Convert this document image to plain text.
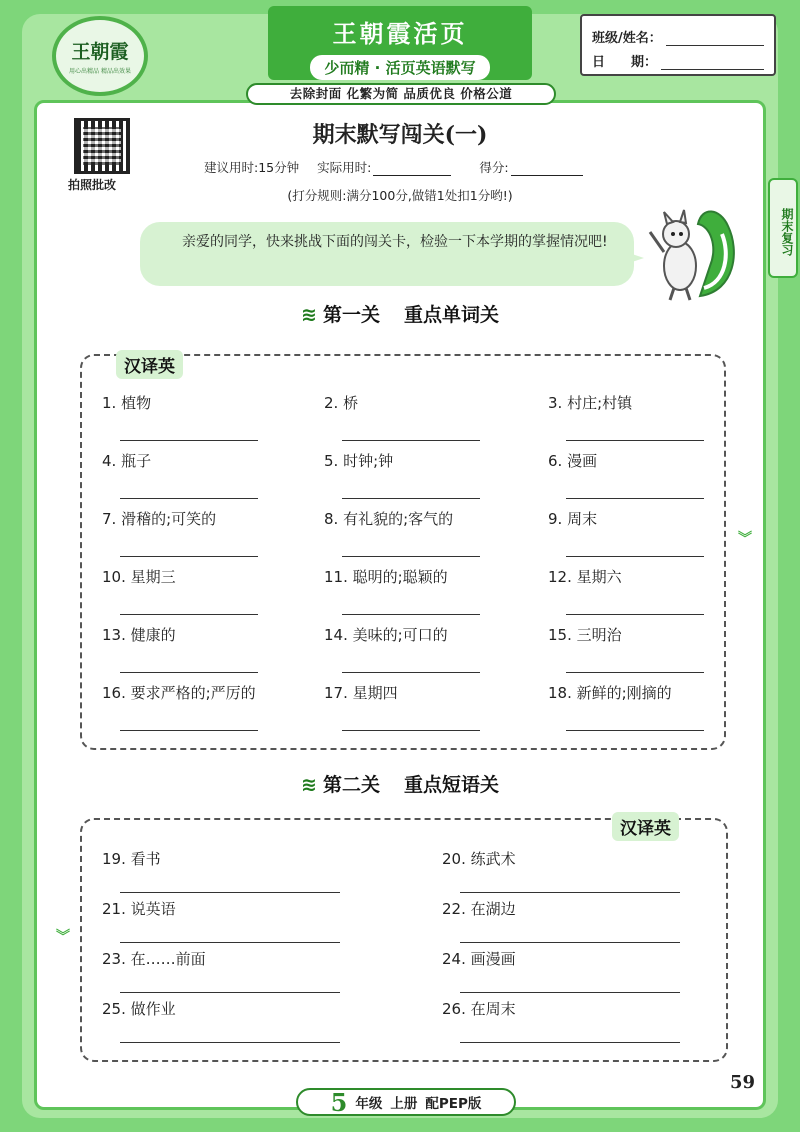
王朝霞
用心出精品 精品出效果
王朝霞活页
少而精 · 活页英语默写
去除封面 化繁为简 品质优良 价格公道
班级/姓名：
日　　期：
拍照批改
期末默写闯关(一)
建议用时:15分钟 实际用时:	得分:
(打分规则:满分100分,做错1处扣1分哟!)
期末复习
亲爱的同学，快来挑战下面的闯关卡，检验一下本学期的掌握情况吧!
≋ 第一关 重点单词关
汉译英
1. 植物	2. 桥	3. 村庄;村镇
4. 瓶子	5. 时钟;钟	6. 漫画
7. 滑稽的;可笑的	8. 有礼貌的;客气的	9. 周末
10. 星期三	11. 聪明的;聪颖的	12. 星期六
13. 健康的	14. 美味的;可口的	15. 三明治
16. 要求严格的;严厉的	17. 星期四	18. 新鲜的;刚摘的
≋ 第二关 重点短语关
汉译英
19. 看书	20. 练武术
21. 说英语	22. 在湖边
23. 在……前面	24. 画漫画
25. 做作业	26. 在周末
︾
︾
5 年级 上册 配PEP版
59
